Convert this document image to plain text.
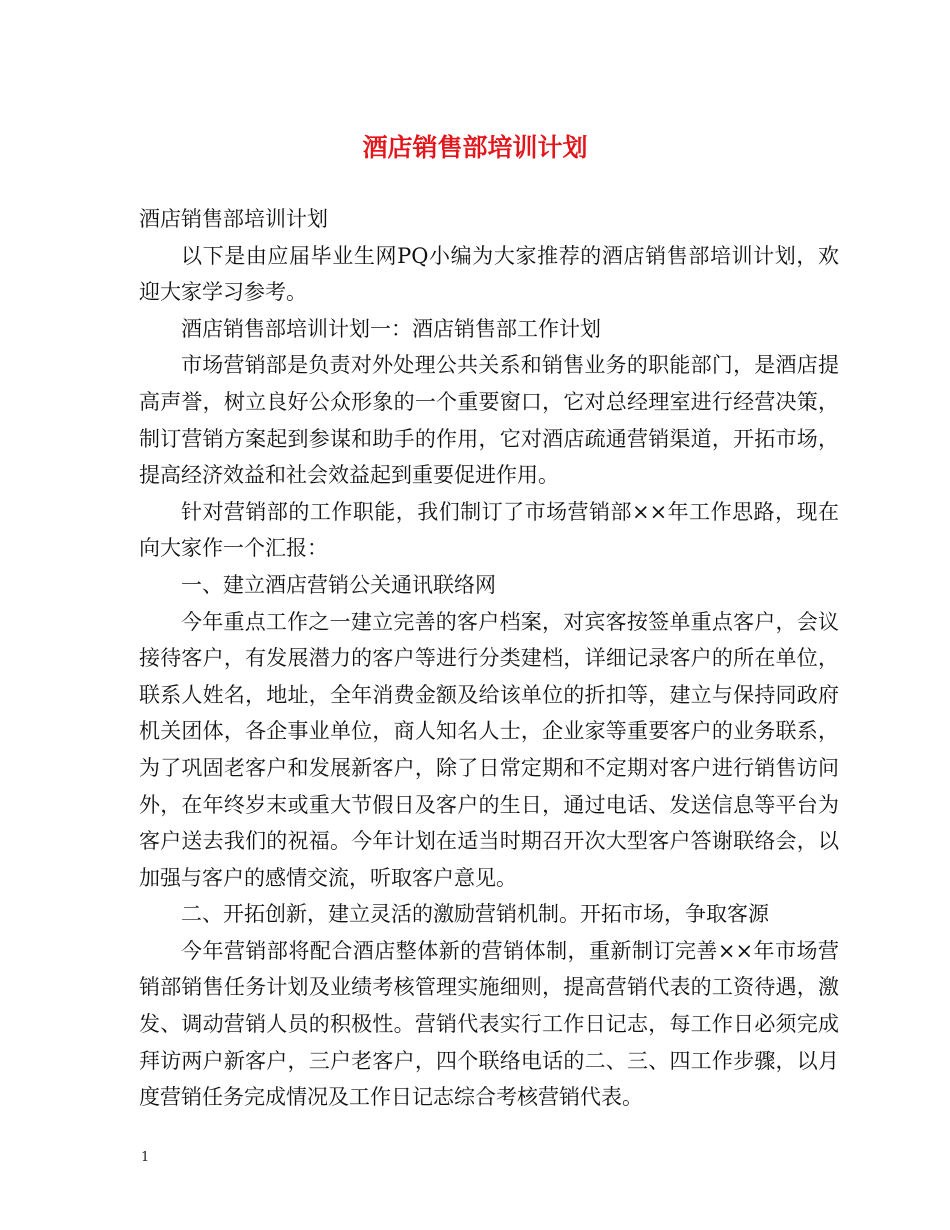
酒店销售部培训计划

酒店销售部培训计划

以下是由应届毕业生网PQ小编为大家推荐的酒店销售部培训计划，欢迎大家学习参考。

酒店销售部培训计划一：酒店销售部工作计划

市场营销部是负责对外处理公共关系和销售业务的职能部门，是酒店提高声誉，树立良好公众形象的一个重要窗口，它对总经理室进行经营决策，制订营销方案起到参谋和助手的作用，它对酒店疏通营销渠道，开拓市场，提高经济效益和社会效益起到重要促进作用。

针对营销部的工作职能，我们制订了市场营销部××年工作思路，现在向大家作一个汇报：

一、建立酒店营销公关通讯联络网

今年重点工作之一建立完善的客户档案，对宾客按签单重点客户，会议接待客户，有发展潜力的客户等进行分类建档，详细记录客户的所在单位，联系人姓名，地址，全年消费金额及给该单位的折扣等，建立与保持同政府机关团体，各企事业单位，商人知名人士，企业家等重要客户的业务联系，为了巩固老客户和发展新客户，除了日常定期和不定期对客户进行销售访问外，在年终岁末或重大节假日及客户的生日，通过电话、发送信息等平台为客户送去我们的祝福。今年计划在适当时期召开次大型客户答谢联络会，以加强与客户的感情交流，听取客户意见。

二、开拓创新，建立灵活的激励营销机制。开拓市场，争取客源

今年营销部将配合酒店整体新的营销体制，重新制订完善××年市场营销部销售任务计划及业绩考核管理实施细则，提高营销代表的工资待遇，激发、调动营销人员的积极性。营销代表实行工作日记志，每工作日必须完成拜访两户新客户，三户老客户，四个联络电话的二、三、四工作步骤，以月度营销任务完成情况及工作日记志综合考核营销代表。

1
